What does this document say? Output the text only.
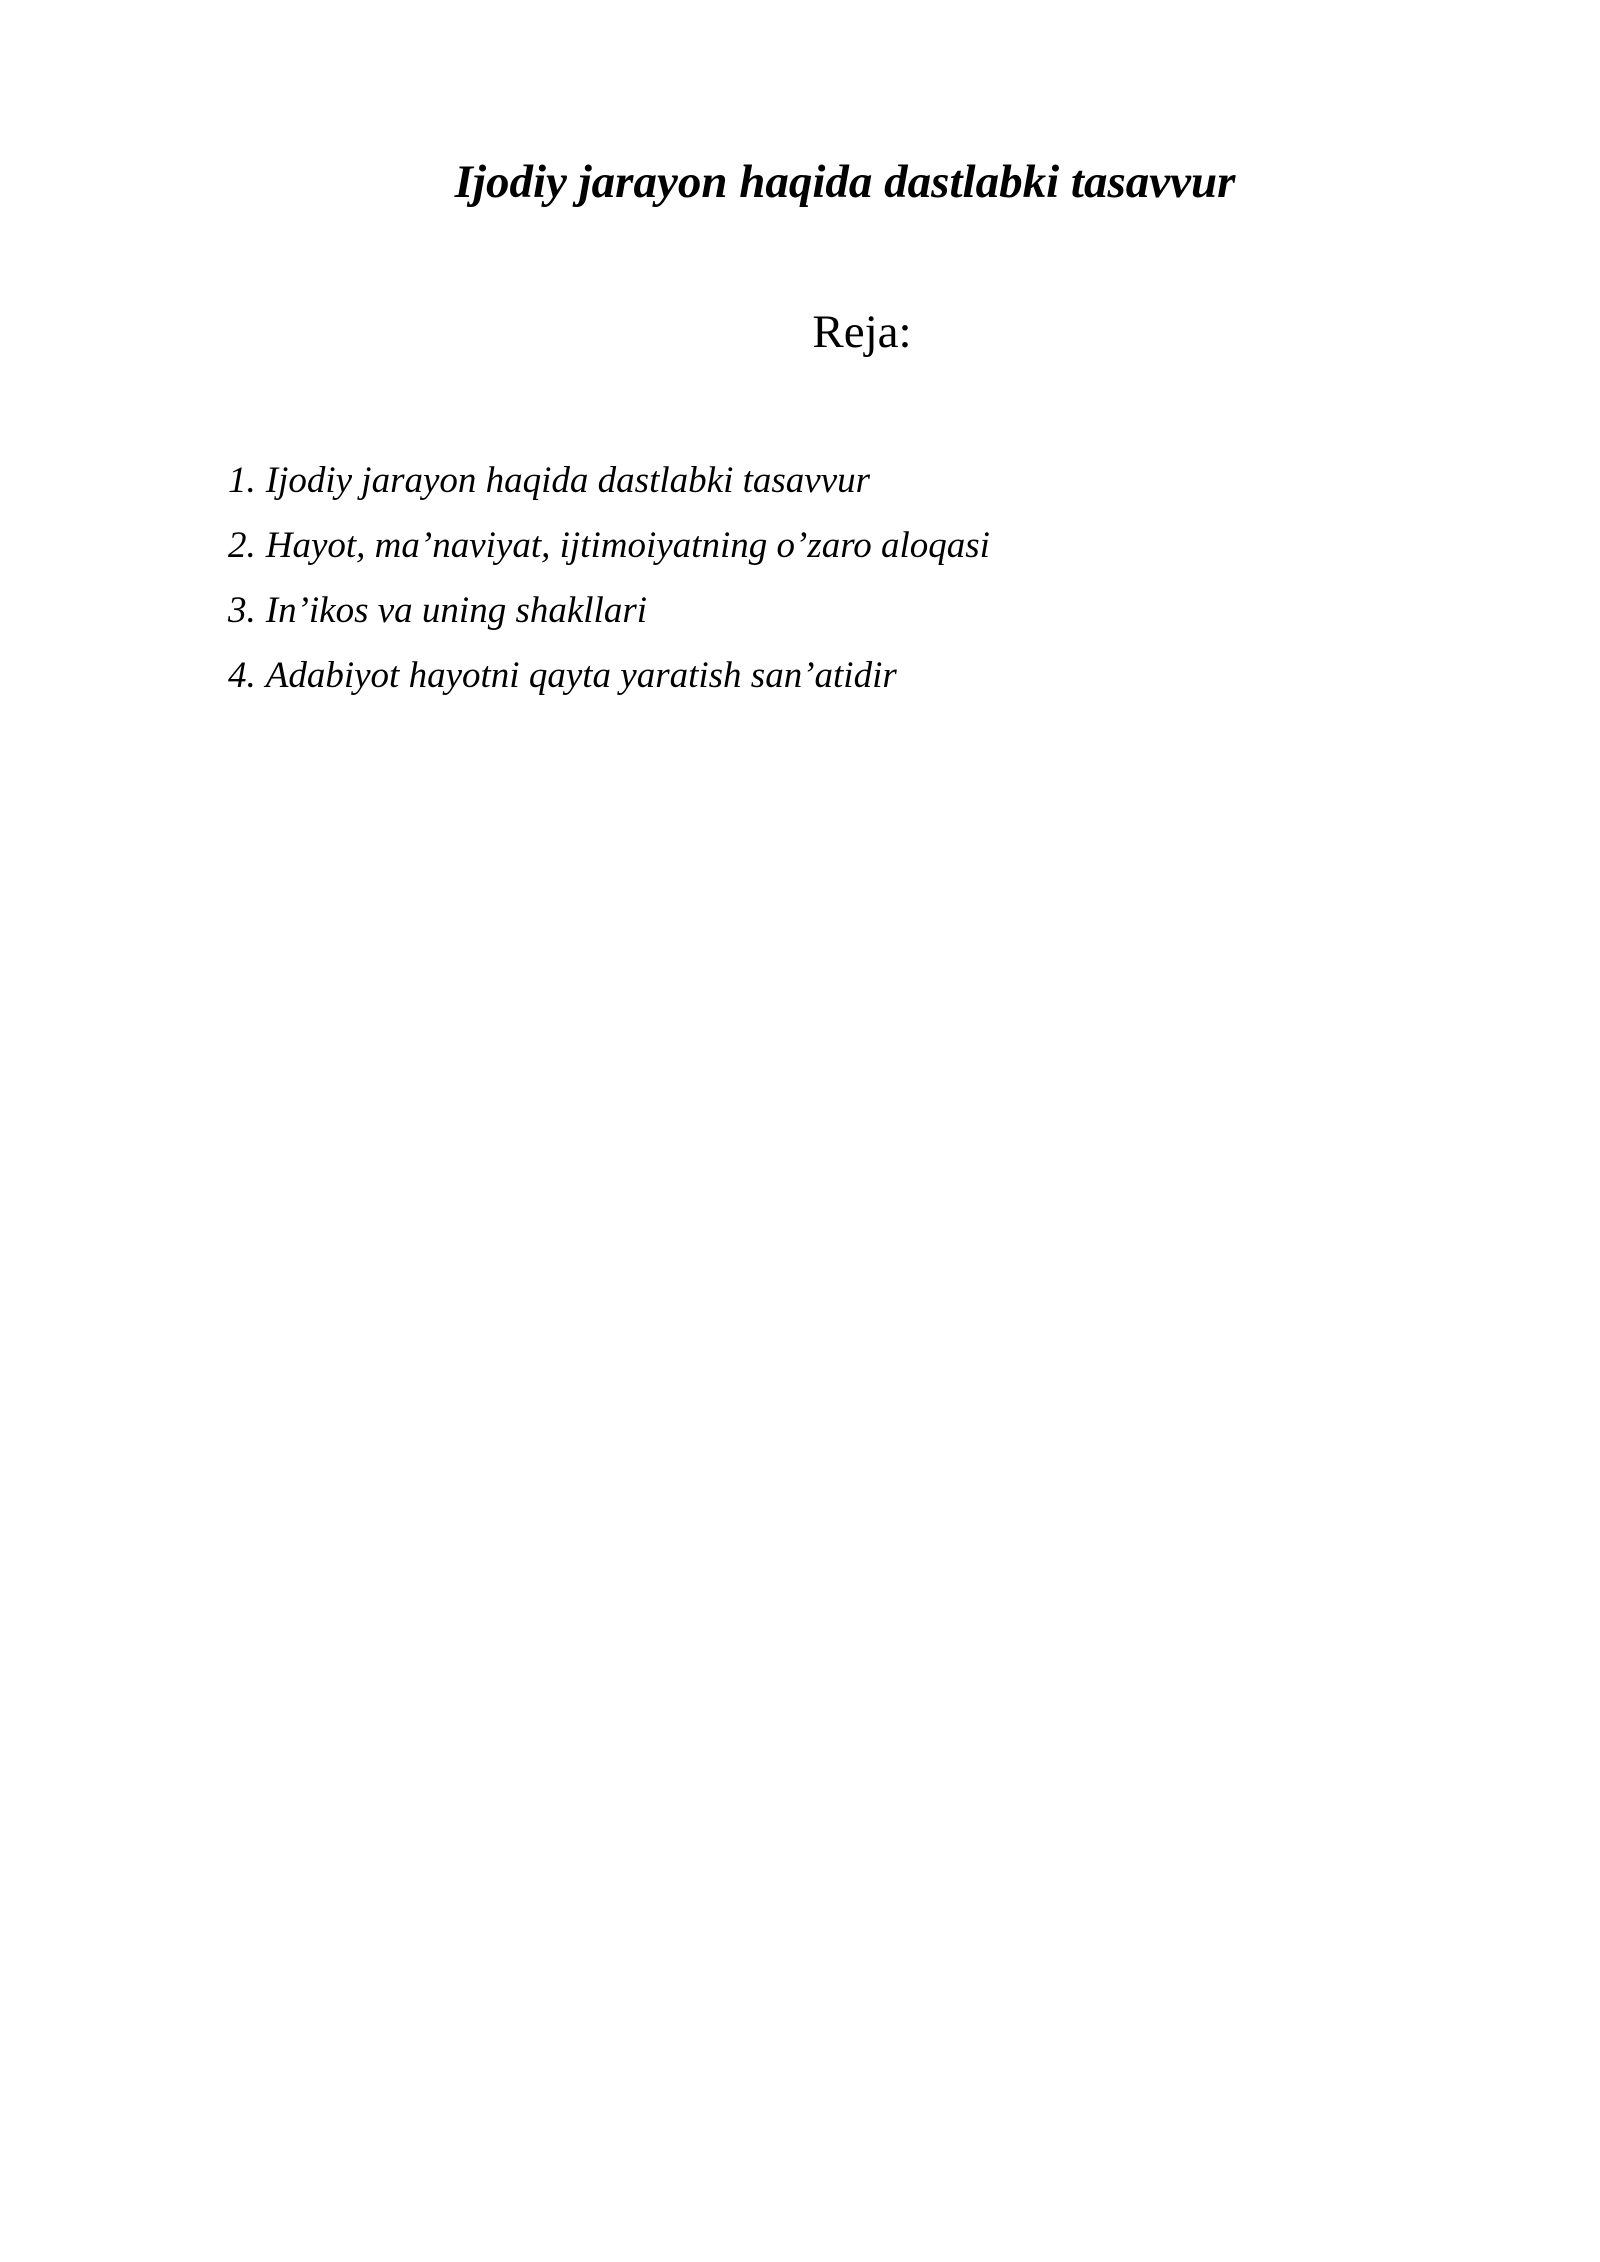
Ijodiy jarayon haqida dastlabki tasavvur
Reja:
1. Ijodiy jarayon haqida dastlabki tasavvur
2. Hayot, ma’naviyat, ijtimoiyatning o’zaro aloqasi
3. In’ikos va uning shakllari
4. Adabiyot hayotni qayta yaratish san’atidir
